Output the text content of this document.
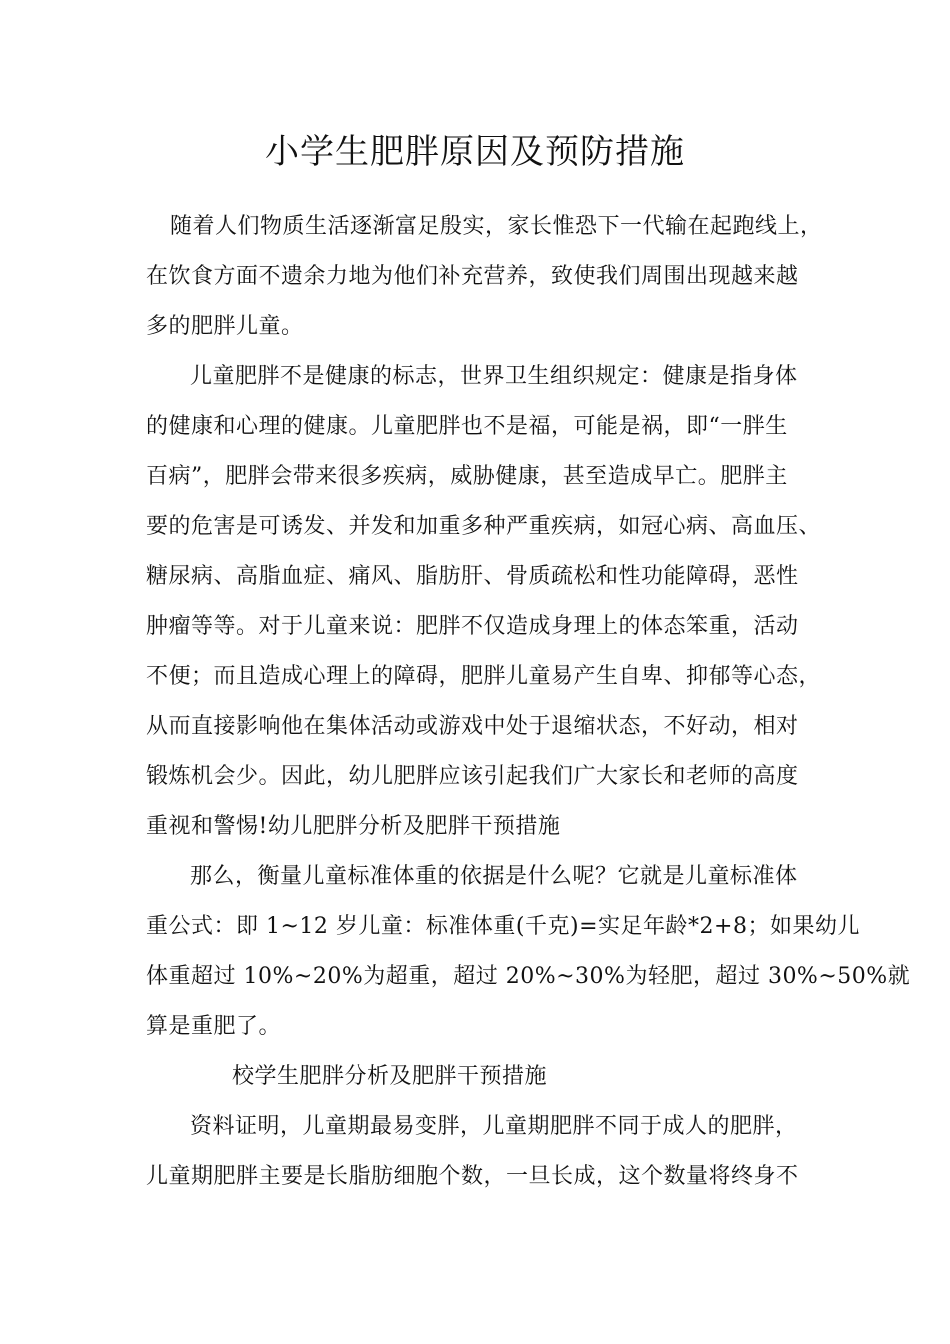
小学生肥胖原因及预防措施
随着人们物质生活逐渐富足殷实，家长惟恐下一代输在起跑线上，
在饮食方面不遗余力地为他们补充营养，致使我们周围出现越来越
多的肥胖儿童。
儿童肥胖不是健康的标志，世界卫生组织规定：健康是指身体
的健康和心理的健康。儿童肥胖也不是福，可能是祸，即“一胖生
百病”，肥胖会带来很多疾病，威胁健康，甚至造成早亡。肥胖主
要的危害是可诱发、并发和加重多种严重疾病，如冠心病、高血压、
糖尿病、高脂血症、痛风、脂肪肝、骨质疏松和性功能障碍，恶性
肿瘤等等。对于儿童来说：肥胖不仅造成身理上的体态笨重，活动
不便；而且造成心理上的障碍，肥胖儿童易产生自卑、抑郁等心态，
从而直接影响他在集体活动或游戏中处于退缩状态，不好动，相对
锻炼机会少。因此，幼儿肥胖应该引起我们广大家长和老师的高度
重视和警惕!幼儿肥胖分析及肥胖干预措施
那么，衡量儿童标准体重的依据是什么呢？它就是儿童标准体
重公式：即 1~12 岁儿童：标准体重(千克)=实足年龄*2+8；如果幼儿
体重超过 10%~20%为超重，超过 20%~30%为轻肥，超过 30%~50%就
算是重肥了。
校学生肥胖分析及肥胖干预措施
资料证明，儿童期最易变胖，儿童期肥胖不同于成人的肥胖，
儿童期肥胖主要是长脂肪细胞个数，一旦长成，这个数量将终身不
